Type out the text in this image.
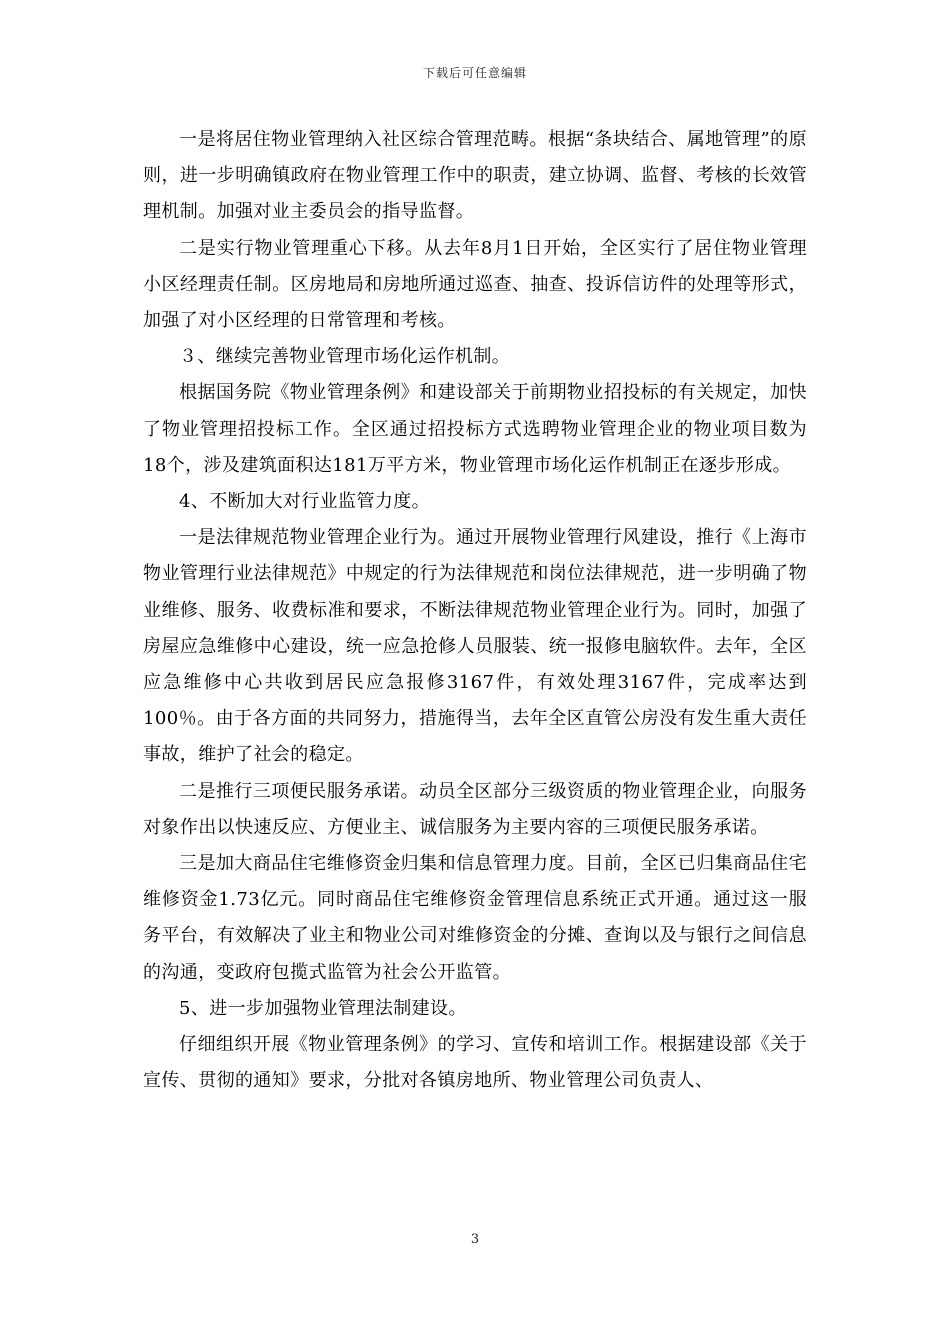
下载后可任意编辑

一是将居住物业管理纳入社区综合管理范畴。根据“条块结合、属地管理”的原则，进一步明确镇政府在物业管理工作中的职责，建立协调、监督、考核的长效管理机制。加强对业主委员会的指导监督。

二是实行物业管理重心下移。从去年8月1日开始，全区实行了居住物业管理小区经理责任制。区房地局和房地所通过巡查、抽查、投诉信访件的处理等形式，加强了对小区经理的日常管理和考核。

３、继续完善物业管理市场化运作机制。

根据国务院《物业管理条例》和建设部关于前期物业招投标的有关规定，加快了物业管理招投标工作。全区通过招投标方式选聘物业管理企业的物业项目数为18个，涉及建筑面积达181万平方米，物业管理市场化运作机制正在逐步形成。

4、不断加大对行业监管力度。

一是法律规范物业管理企业行为。通过开展物业管理行风建设，推行《上海市物业管理行业法律规范》中规定的行为法律规范和岗位法律规范，进一步明确了物业维修、服务、收费标准和要求，不断法律规范物业管理企业行为。同时，加强了房屋应急维修中心建设，统一应急抢修人员服装、统一报修电脑软件。去年，全区应急维修中心共收到居民应急报修3167件，有效处理3167件，完成率达到100％。由于各方面的共同努力，措施得当，去年全区直管公房没有发生重大责任事故，维护了社会的稳定。

二是推行三项便民服务承诺。动员全区部分三级资质的物业管理企业，向服务对象作出以快速反应、方便业主、诚信服务为主要内容的三项便民服务承诺。

三是加大商品住宅维修资金归集和信息管理力度。目前，全区已归集商品住宅维修资金1.73亿元。同时商品住宅维修资金管理信息系统正式开通。通过这一服务平台，有效解决了业主和物业公司对维修资金的分摊、查询以及与银行之间信息的沟通，变政府包揽式监管为社会公开监管。

5、进一步加强物业管理法制建设。

仔细组织开展《物业管理条例》的学习、宣传和培训工作。根据建设部《关于宣传、贯彻的通知》要求，分批对各镇房地所、物业管理公司负责人、

3
